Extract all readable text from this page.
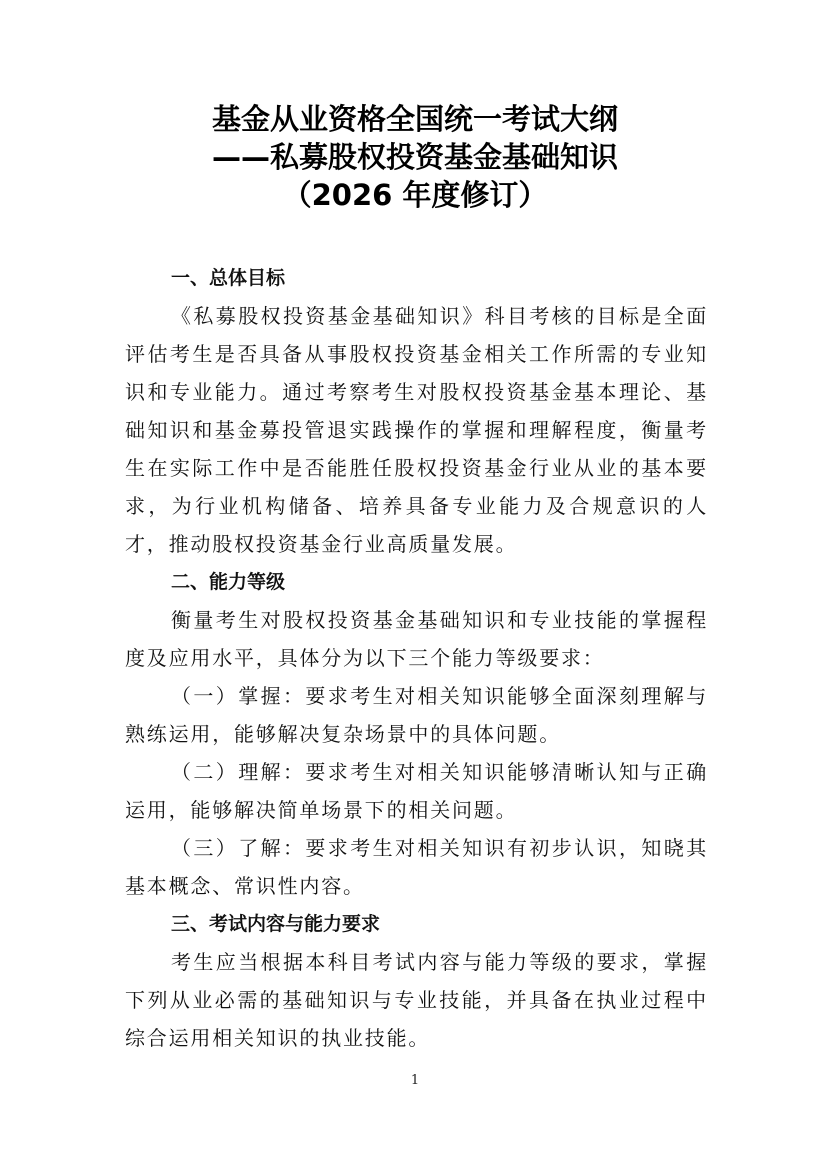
基金从业资格全国统一考试大纲
——私募股权投资基金基础知识
（2026 年度修订）
一、总体目标

《私募股权投资基金基础知识》科目考核的目标是全面评估考生是否具备从事股权投资基金相关工作所需的专业知识和专业能力。通过考察考生对股权投资基金基本理论、基础知识和基金募投管退实践操作的掌握和理解程度，衡量考生在实际工作中是否能胜任股权投资基金行业从业的基本要求，为行业机构储备、培养具备专业能力及合规意识的人才，推动股权投资基金行业高质量发展。

二、能力等级

衡量考生对股权投资基金基础知识和专业技能的掌握程度及应用水平，具体分为以下三个能力等级要求：

（一）掌握：要求考生对相关知识能够全面深刻理解与熟练运用，能够解决复杂场景中的具体问题。

（二）理解：要求考生对相关知识能够清晰认知与正确运用，能够解决简单场景下的相关问题。

（三）了解：要求考生对相关知识有初步认识，知晓其基本概念、常识性内容。

三、考试内容与能力要求

考生应当根据本科目考试内容与能力等级的要求，掌握下列从业必需的基础知识与专业技能，并具备在执业过程中综合运用相关知识的执业技能。

1
